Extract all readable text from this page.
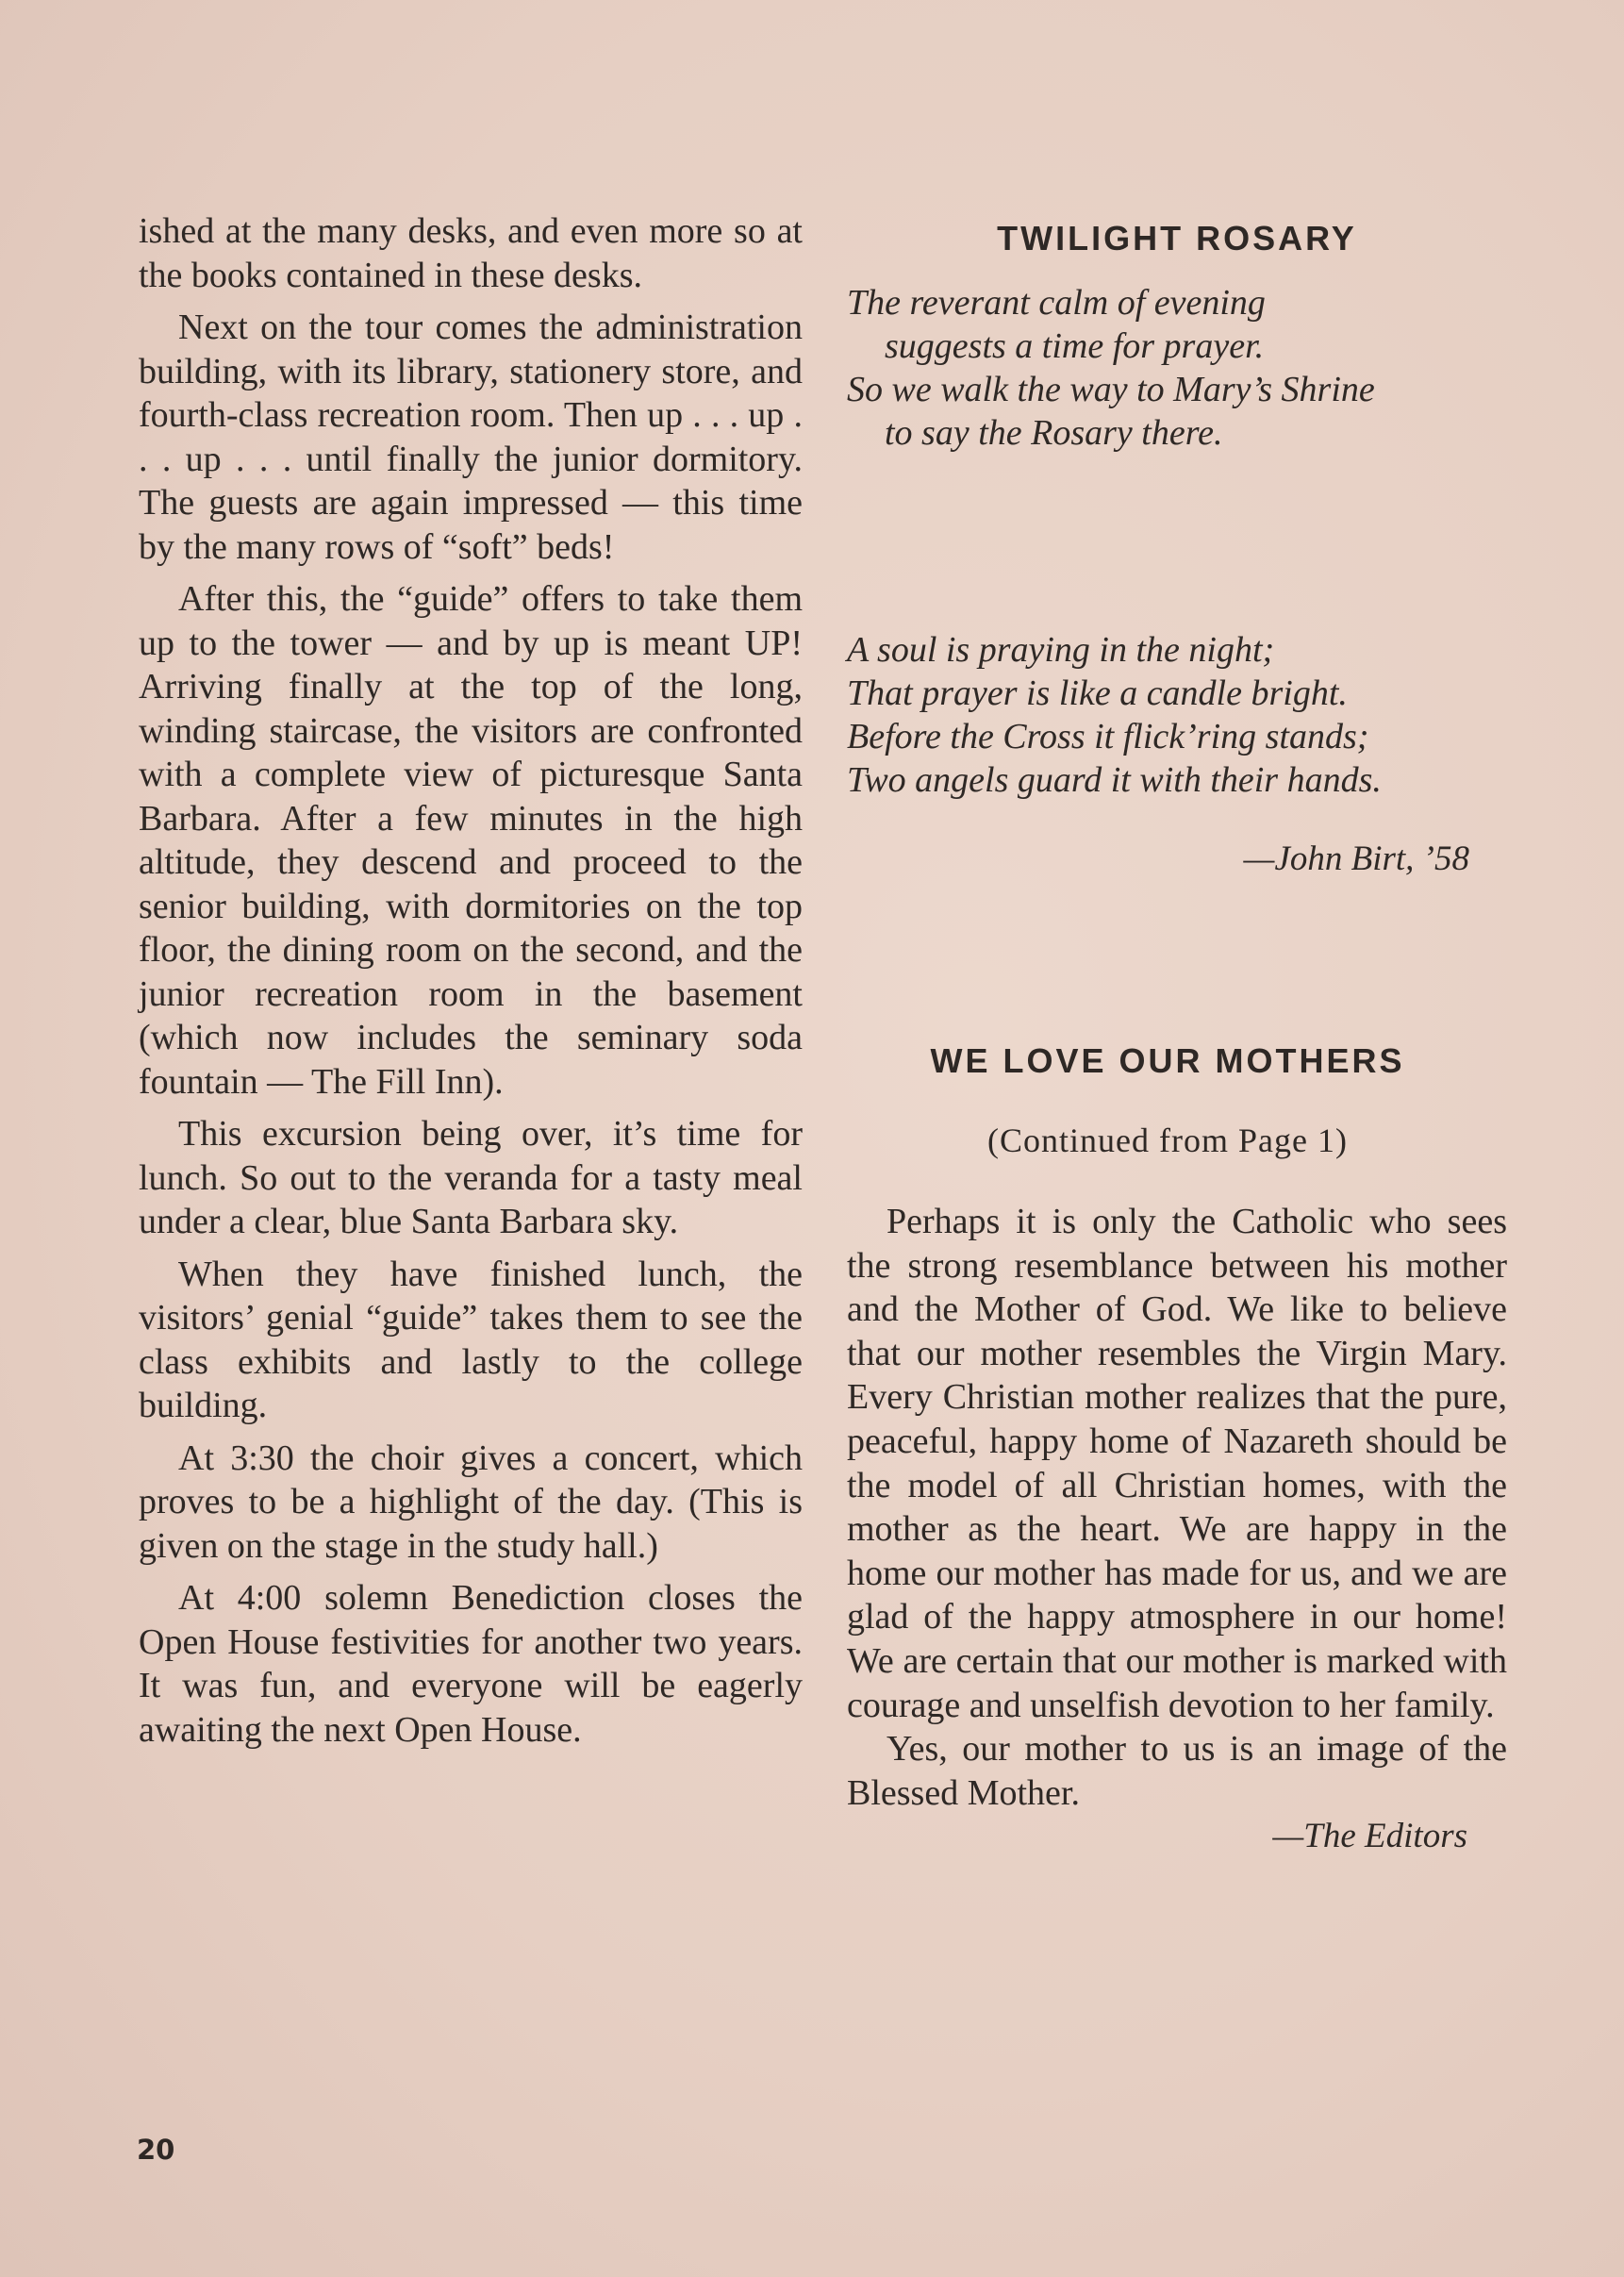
ished at the many desks, and even more so at the books contained in these desks.

Next on the tour comes the administration building, with its library, stationery store, and fourth-class recreation room. Then up . . . up . . . up . . . until finally the junior dormitory. The guests are again impressed — this time by the many rows of “soft” beds!

After this, the “guide” offers to take them up to the tower — and by up is meant UP! Arriving finally at the top of the long, winding staircase, the visitors are confronted with a complete view of picturesque Santa Barbara. After a few minutes in the high altitude, they descend and proceed to the senior building, with dormitories on the top floor, the dining room on the second, and the junior recreation room in the basement (which now includes the seminary soda fountain — The Fill Inn).

This excursion being over, it’s time for lunch. So out to the veranda for a tasty meal under a clear, blue Santa Barbara sky.

When they have finished lunch, the visitors’ genial “guide” takes them to see the class exhibits and lastly to the college building.

At 3:30 the choir gives a concert, which proves to be a highlight of the day. (This is given on the stage in the study hall.)

At 4:00 solemn Benediction closes the Open House festivities for another two years. It was fun, and everyone will be eagerly awaiting the next Open House.

TWILIGHT ROSARY
The reverant calm of evening
suggests a time for prayer.
So we walk the way to Mary’s Shrine
to say the Rosary there.
A soul is praying in the night;
That prayer is like a candle bright.
Before the Cross it flick’ring stands;
Two angels guard it with their hands.

—John Birt, ’58

WE LOVE OUR MOTHERS

(Continued from Page 1)

Perhaps it is only the Catholic who sees the strong resemblance between his mother and the Mother of God. We like to believe that our mother resembles the Virgin Mary. Every Christian mother realizes that the pure, peaceful, happy home of Nazareth should be the model of all Christian homes, with the mother as the heart. We are happy in the home our mother has made for us, and we are glad of the happy atmosphere in our home! We are certain that our mother is marked with courage and unselfish devotion to her family.

Yes, our mother to us is an image of the Blessed Mother.

—The Editors

20
